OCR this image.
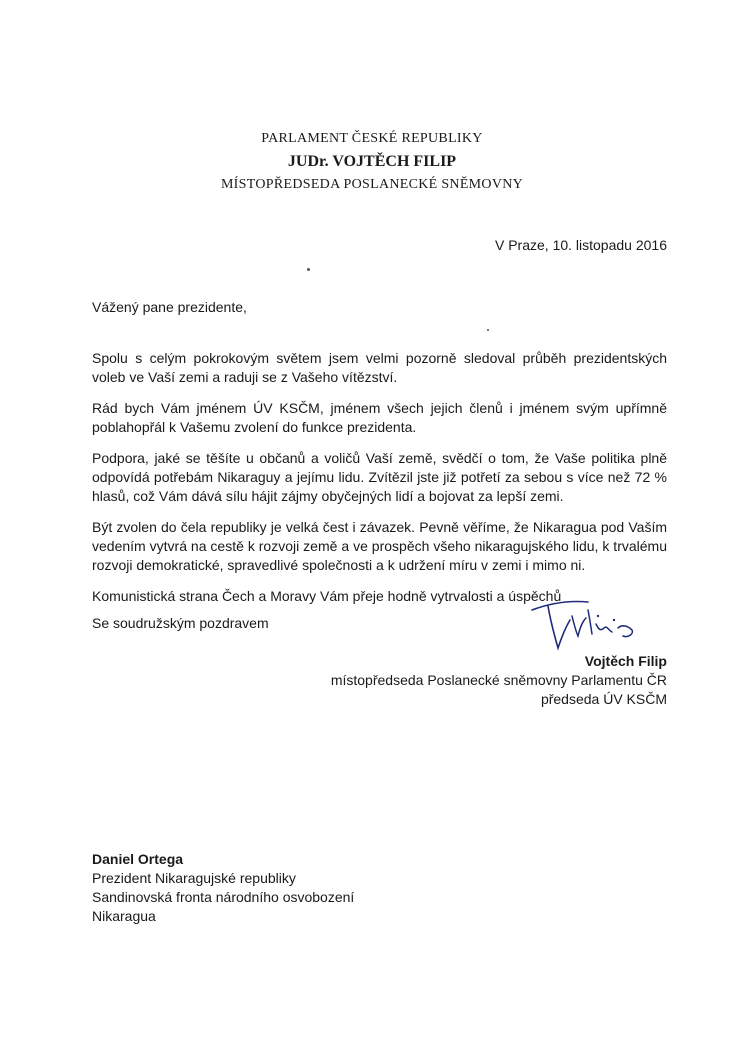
PARLAMENT ČESKÉ REPUBLIKY
JUDr. VOJTĚCH FILIP
MÍSTOPŘEDSEDA POSLANECKÉ SNĚMOVNY
V Praze, 10. listopadu 2016
Vážený pane prezidente,

Spolu s celým pokrokovým světem jsem velmi pozorně sledoval průběh prezidentských voleb ve Vaší zemi a raduji se z Vašeho vítězství.

Rád bych Vám jménem ÚV KSČM, jménem všech jejich členů i jménem svým upřímně poblahopřál k Vašemu zvolení do funkce prezidenta.

Podpora, jaké se těšíte u občanů a voličů Vaší země, svědčí o tom, že Vaše politika plně odpovídá potřebám Nikaraguy a jejímu lidu. Zvítězil jste již potřetí za sebou s více než 72 % hlasů, což Vám dává sílu hájit zájmy obyčejných lidí a bojovat za lepší zemi.

Být zvolen do čela republiky je velká čest i závazek. Pevně věříme, že Nikaragua pod Vaším vedením vytvrá na cestě k rozvoji země a ve prospěch všeho nikaragujského lidu, k trvalému rozvoji demokratické, spravedlivé společnosti a k udržení míru v zemi i mimo ni.

Komunistická strana Čech a Moravy Vám přeje hodně vytrvalosti a úspěchů

Se soudružským pozdravem

Vojtěch Filip
místopředseda Poslanecké sněmovny Parlamentu ČR
předseda ÚV KSČM
Daniel Ortega
Prezident Nikaragujské republiky
Sandinovská fronta národního osvobození
Nikaragua
